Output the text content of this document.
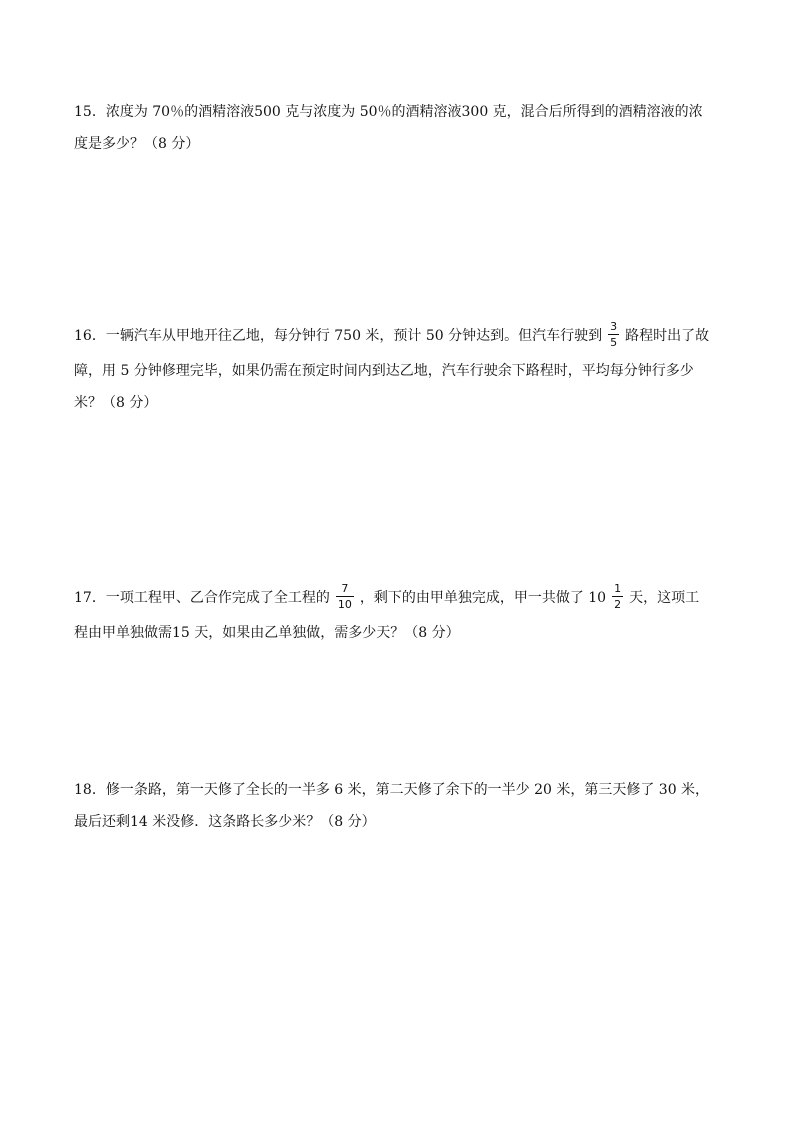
15．浓度为 70％的酒精溶液500 克与浓度为 50％的酒精溶液300 克，混合后所得到的酒精溶液的浓
度是多少？（8 分）
16．一辆汽车从甲地开往乙地，每分钟行 750 米，预计 50 分钟达到。但汽车行驶到 $\frac{3}{5}$ 路程时出了故
障，用 5 分钟修理完毕，如果仍需在预定时间内到达乙地，汽车行驶余下路程时，平均每分钟行多少
米？（8 分）
17．一项工程甲、乙合作完成了全工程的 $\frac{7}{10}$ ，剩下的由甲单独完成，甲一共做了 $10 \frac{1}{2}$ 天，这项工
程由甲单独做需15 天，如果由乙单独做，需多少天？（8 分）
18．修一条路，第一天修了全长的一半多 6 米，第二天修了余下的一半少 20 米，第三天修了 30 米，
最后还剩14 米没修．这条路长多少米？（8 分）
